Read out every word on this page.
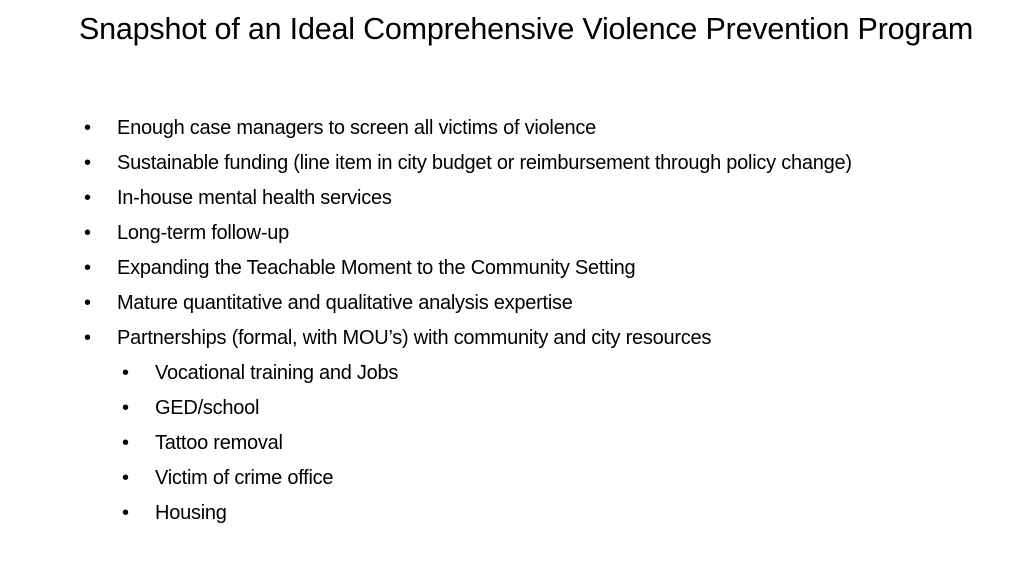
Snapshot of an Ideal Comprehensive Violence Prevention Program
• Enough case managers to screen all victims of violence
• Sustainable funding (line item in city budget or reimbursement through policy change)
• In-house mental health services
• Long-term follow-up
• Expanding the Teachable Moment to the Community Setting
• Mature quantitative and qualitative analysis expertise
• Partnerships (formal, with MOU’s) with community and city resources
• Vocational training and Jobs
• GED/school
• Tattoo removal
• Victim of crime office
• Housing
